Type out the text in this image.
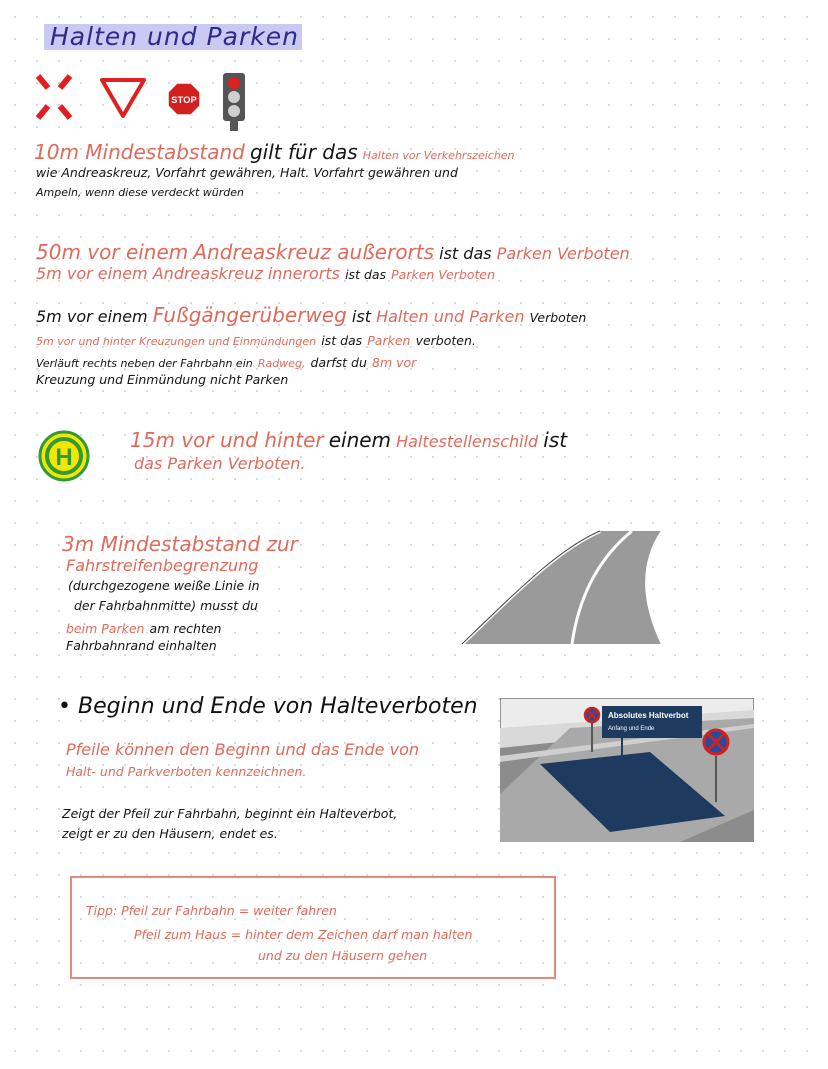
Halten und Parken
STOP
10m Mindestabstand gilt für das Halten vor Verkehrszeichen
wie Andreaskreuz, Vorfahrt gewähren, Halt. Vorfahrt gewähren und
Ampeln, wenn diese verdeckt würden
50m vor einem Andreaskreuz außerorts ist das Parken Verboten
5m vor einem Andreaskreuz innerorts ist das Parken Verboten
5m vor einem Fußgängerüberweg ist Halten und Parken Verboten
5m vor und hinter Kreuzungen und Einmündungen ist das Parken verboten.
Verläuft rechts neben der Fahrbahn ein Radweg, darfst du 8m vor
Kreuzung und Einmündung nicht Parken
H
15m vor und hinter einem Haltestellenschild ist
das Parken Verboten.
3m Mindestabstand zur
Fahrstreifenbegrenzung
(durchgezogene weiße Linie in
der Fahrbahnmitte) musst du
beim Parken am rechten
Fahrbahnrand einhalten
• Beginn und Ende von Halteverboten
Pfeile können den Beginn und das Ende von
Halt- und Parkverboten kennzeichnen.
Zeigt der Pfeil zur Fahrbahn, beginnt ein Halteverbot,
zeigt er zu den Häusern, endet es.
Absolutes Haltverbot
Anfang und Ende
Tipp: Pfeil zur Fahrbahn = weiter fahren
Pfeil zum Haus = hinter dem Zeichen darf man halten
und zu den Häusern gehen
